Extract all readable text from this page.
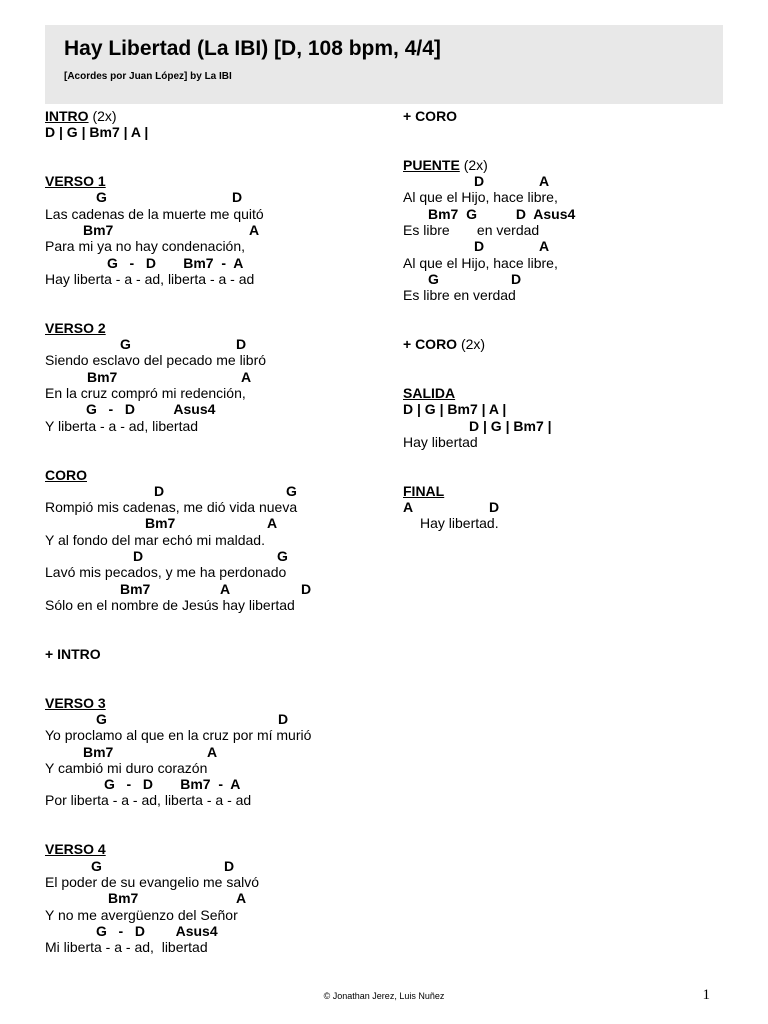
Hay Libertad (La IBI) [D, 108 bpm, 4/4]
[Acordes por Juan López] by La IBI
INTRO (2x)
D | G | Bm7 | A |
VERSO 1

G

	D

Las cadenas de la muerte me quitó

Bm7

	A

Para mi ya no hay condenación,
G   -   D       Bm7  -  A
Hay liberta - a - ad, liberta - a - ad
VERSO 2

G

	D

Siendo esclavo del pecado me libró

Bm7

	A

En la cruz compró mi redención,
G   -   D          Asus4
Y liberta - a - ad, libertad
CORO

D

	G

Rompió mis cadenas, me dió vida nueva

Bm7

	A

Y al fondo del mar echó mi maldad.

D

	G

Lavó mis pecados, y me ha perdonado

Bm7

	A

	D

Sólo en el nombre de Jesús hay libertad
+ INTRO
VERSO 3

G

	D

Yo proclamo al que en la cruz por mí murió

Bm7

	A

Y cambió mi duro corazón
G   -   D       Bm7  -  A
Por liberta - a - ad, liberta - a - ad
VERSO 4

G

	D

El poder de su evangelio me salvó

Bm7

	A

Y no me avergüenzo del Señor
G   -   D        Asus4
Mi liberta - a - ad,  libertad
+ CORO
PUENTE (2x)

D

	A

Al que el Hijo, hace libre,
Bm7  G          D  Asus4
Es libre       en verdad

D

	A

Al que el Hijo, hace libre,

G

	D

Es libre en verdad
+ CORO (2x)
SALIDA
D | G | Bm7 | A |
D | G | Bm7 |
Hay libertad
FINAL

A

	D

Hay libertad.
© Jonathan Jerez, Luis Nuñez	1
